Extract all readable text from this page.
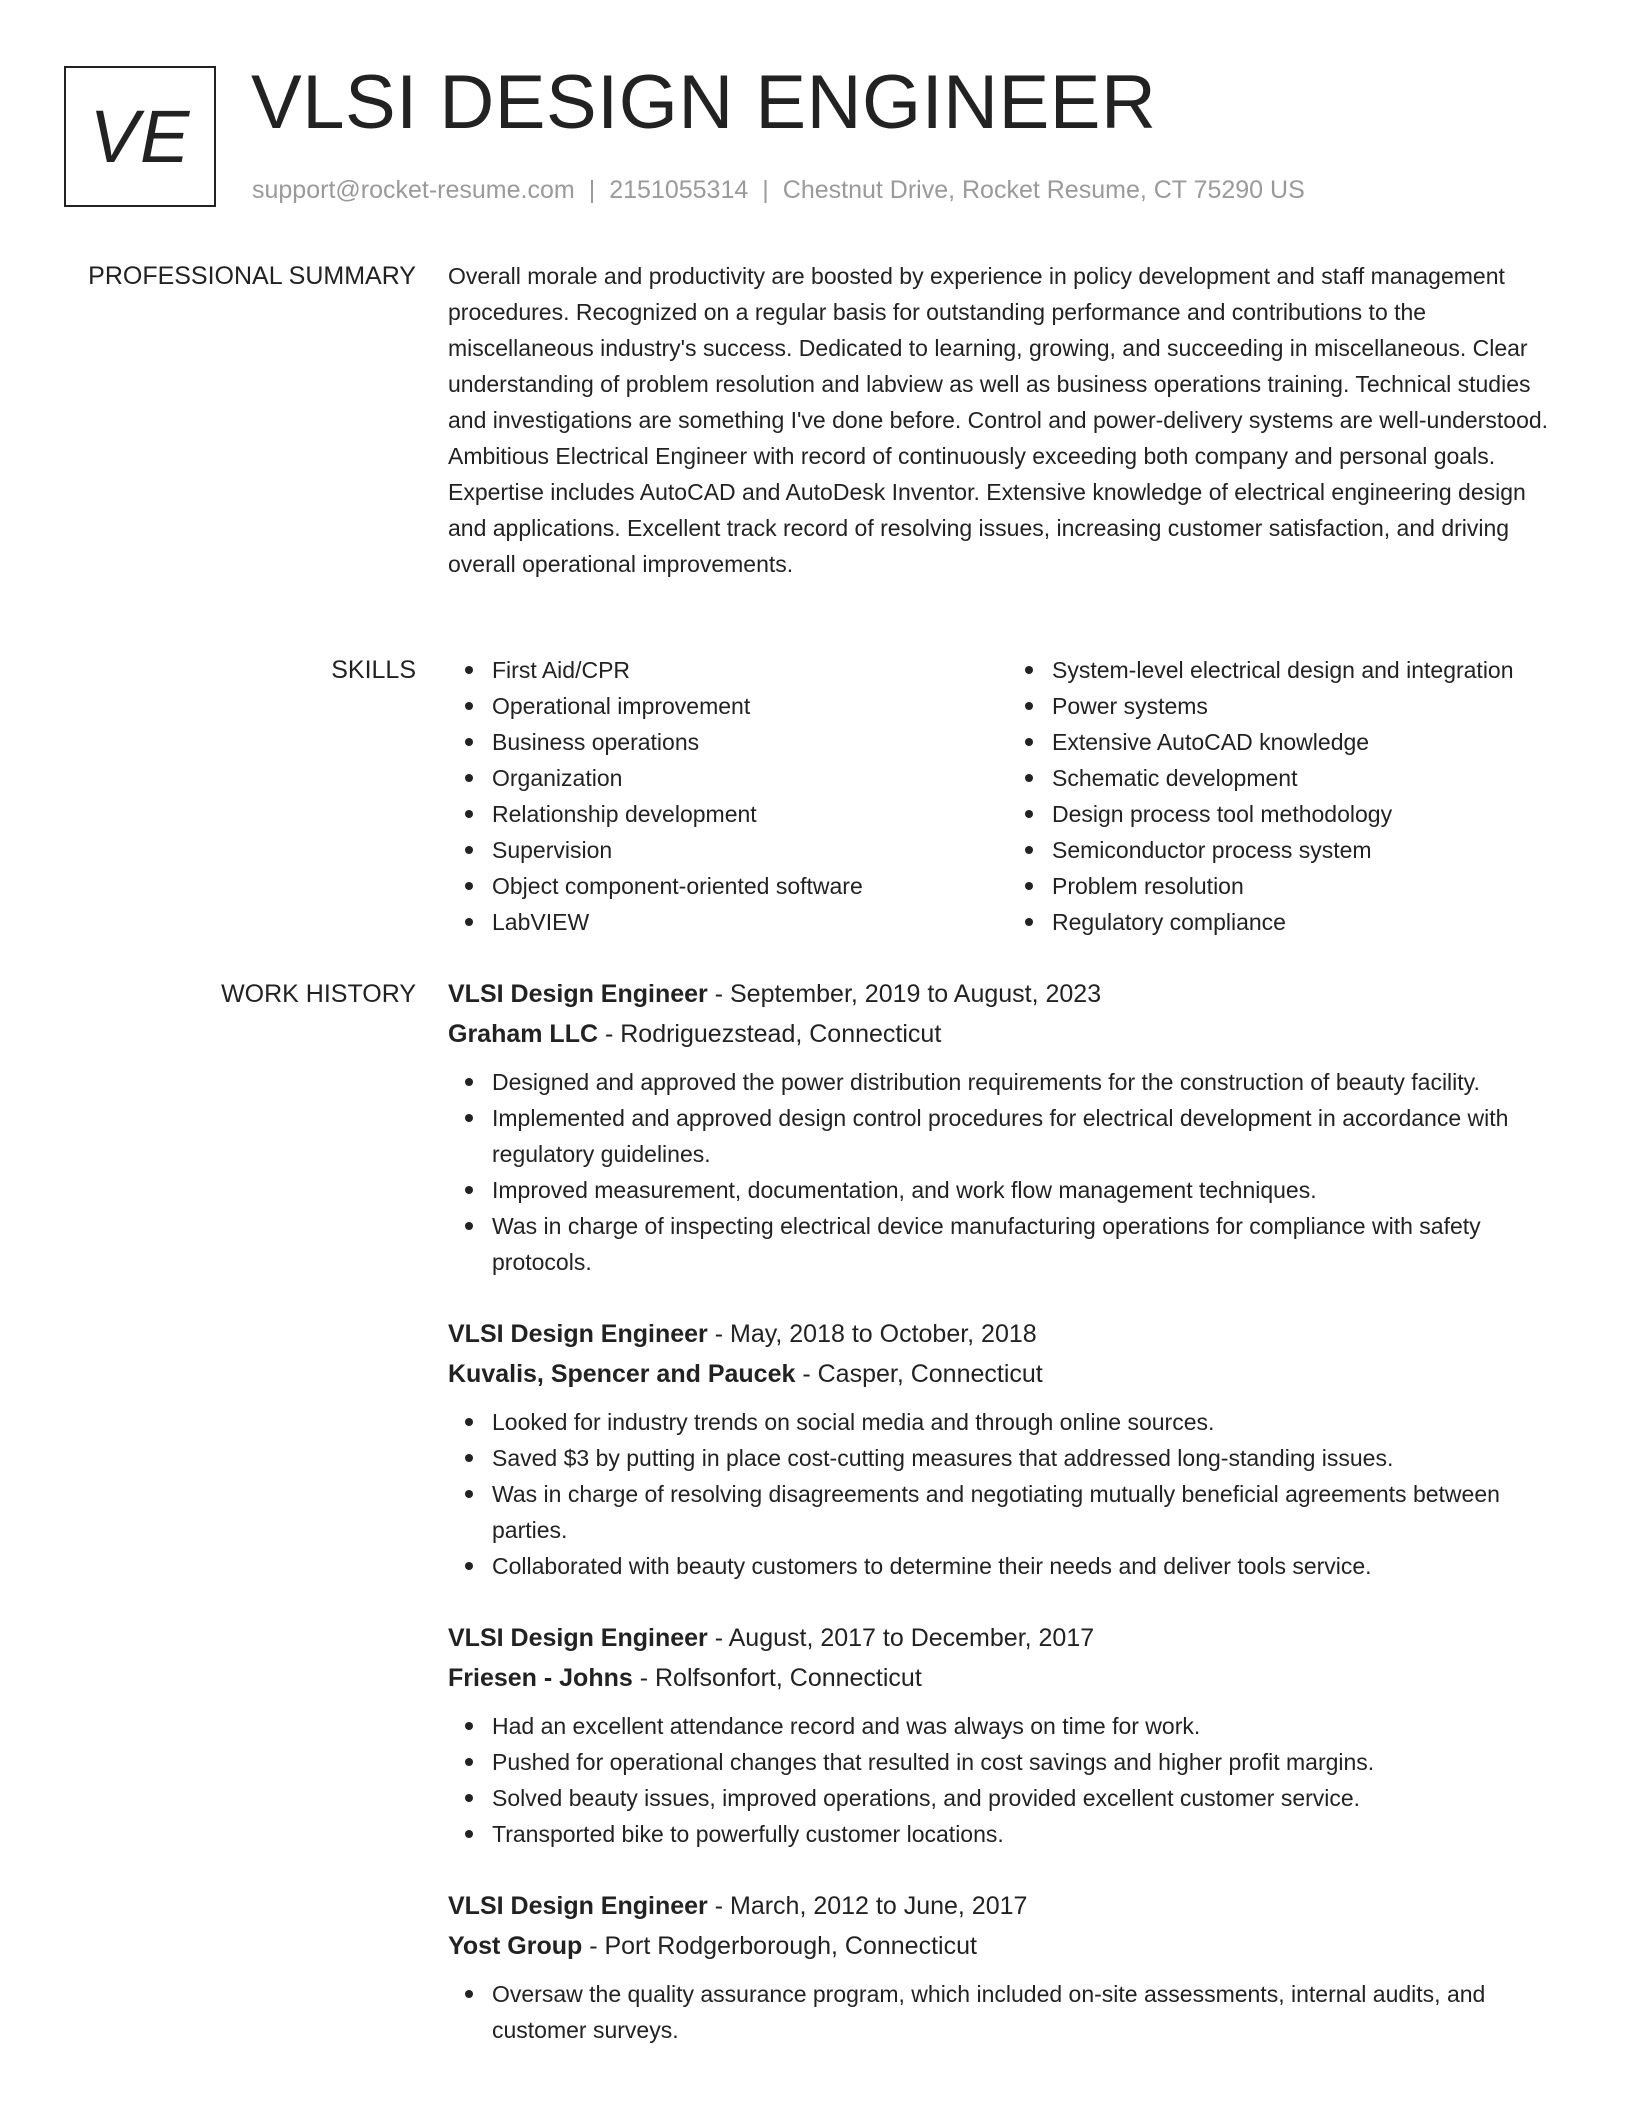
VE VLSI DESIGN ENGINEER
support@rocket-resume.com | 2151055314 | Chestnut Drive, Rocket Resume, CT 75290 US
PROFESSIONAL SUMMARY Overall morale and productivity are boosted by experience in policy development and staff management procedures. Recognized on a regular basis for outstanding performance and contributions to the miscellaneous industry's success. Dedicated to learning, growing, and succeeding in miscellaneous. Clear understanding of problem resolution and labview as well as business operations training. Technical studies and investigations are something I've done before. Control and power-delivery systems are well-understood. Ambitious Electrical Engineer with record of continuously exceeding both company and personal goals. Expertise includes AutoCAD and AutoDesk Inventor. Extensive knowledge of electrical engineering design and applications. Excellent track record of resolving issues, increasing customer satisfaction, and driving overall operational improvements.

SKILLS	First Aid/CPR
Operational improvement
Business operations
Organization
Relationship development
Supervision
Object component-oriented software
LabVIEW
System-level electrical design and integration
Power systems
Extensive AutoCAD knowledge
Schematic development
Design process tool methodology
Semiconductor process system
Problem resolution
Regulatory compliance
WORK HISTORY VLSI Design Engineer - September, 2019 to August, 2023
Graham LLC - Rodriguezstead, Connecticut
Designed and approved the power distribution requirements for the construction of beauty facility.
Implemented and approved design control procedures for electrical development in accordance with regulatory guidelines.
Improved measurement, documentation, and work flow management techniques.
Was in charge of inspecting electrical device manufacturing operations for compliance with safety protocols.
VLSI Design Engineer - May, 2018 to October, 2018
Kuvalis, Spencer and Paucek - Casper, Connecticut
Looked for industry trends on social media and through online sources.
Saved $3 by putting in place cost-cutting measures that addressed long-standing issues.
Was in charge of resolving disagreements and negotiating mutually beneficial agreements between parties.
Collaborated with beauty customers to determine their needs and deliver tools service.
VLSI Design Engineer - August, 2017 to December, 2017
Friesen - Johns - Rolfsonfort, Connecticut
Had an excellent attendance record and was always on time for work.
Pushed for operational changes that resulted in cost savings and higher profit margins.
Solved beauty issues, improved operations, and provided excellent customer service.
Transported bike to powerfully customer locations.
VLSI Design Engineer - March, 2012 to June, 2017
Yost Group - Port Rodgerborough, Connecticut
Oversaw the quality assurance program, which included on-site assessments, internal audits, and customer surveys.
